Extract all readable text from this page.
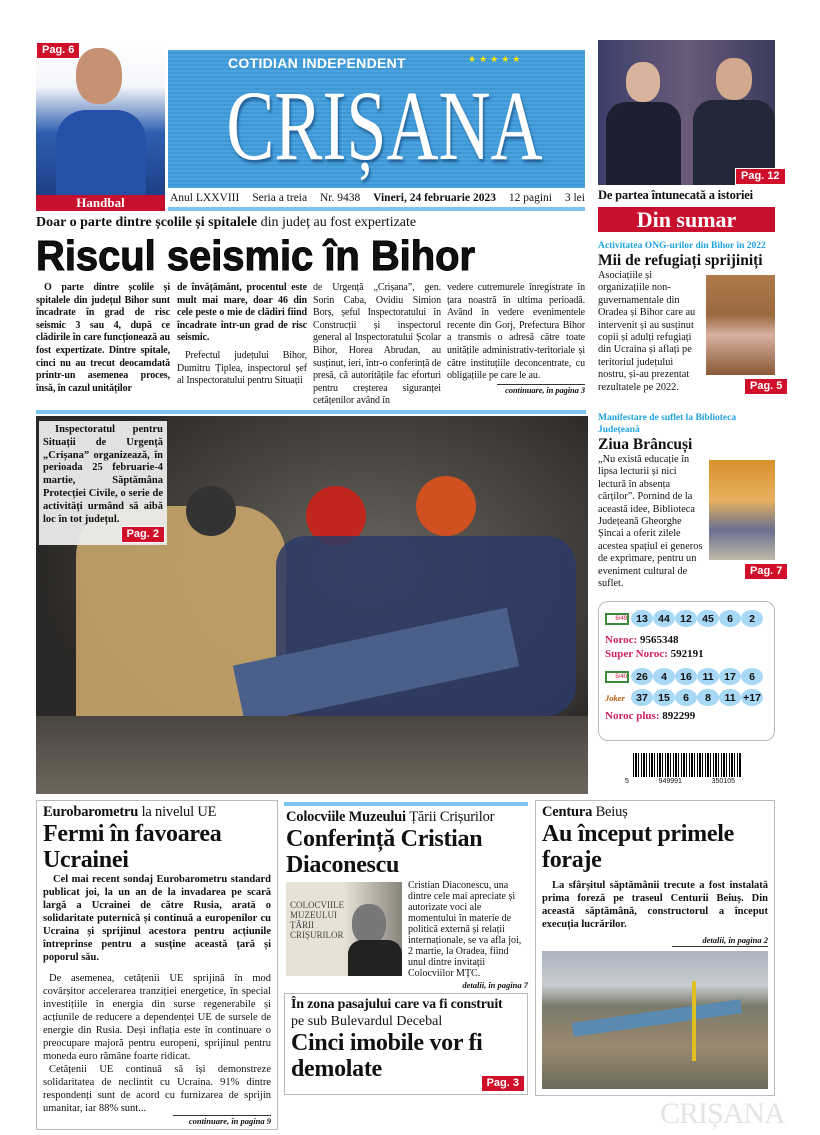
Pag. 6
Handbal
★★★★★
COTIDIAN INDEPENDENT
CRIȘANA
Anul LXXVIII Seria a treia Nr. 9438 Vineri, 24 februarie 2023 12 pagini 3 lei
Pag. 12
De partea întunecată a istoriei
Din sumar
Doar o parte dintre școlile și spitalele din județ au fost expertizate
Riscul seismic în Bihor

O parte dintre școlile și spitalele din județul Bihor sunt încadrate în grad de risc seismic 3 sau 4, după ce clădirile în care funcționează au fost expertizate. Dintre spitale, cinci nu au trecut deocamdată printr-un asemenea proces, însă, în cazul unităților

de învățământ, procentul este mult mai mare, doar 46 din cele peste o mie de clădiri fiind încadrate într-un grad de risc seismic.

Prefectul județului Bihor, Dumitru Țiplea, inspectorul șef al Inspectoratului pentru Situații

de Urgență „Crișana”, gen. Sorin Caba, Ovidiu Simion Borș, șeful Inspectoratului în Construcții și inspectorul general al Inspectoratului Școlar Bihor, Horea Abrudan, au susținut, ieri, într-o conferință de presă, că autoritățile fac eforturi pentru creșterea siguranței cetățenilor având în

vedere cutremurele înregistrate în țara noastră în ultima perioadă. Având în vedere evenimentele recente din Gorj, Prefectura Bihor a transmis o adresă către toate unitățile administrativ-teritoriale și către instituțiile deconcentrate, cu obligațiile pe care le au.

continuare, în pagina 3
Inspectoratul pentru Situații de Urgență „Crișana” organizează, în perioada 25 februarie-4 martie, Săptămâna Protecției Civile, o serie de activități urmând să aibă loc în tot județul.
Pag. 2
Activitatea ONG-urilor din Bihor în 2022
Mii de refugiați sprijiniți
Asociațiile și organizațiile non-guvernamentale din Oradea și Bihor care au intervenit și au susținut copii și adulți refugiați din Ucraina și aflați pe teritoriul județului nostru, și-au prezentat rezultatele pe 2022.	Pag. 5
Manifestare de suflet la Biblioteca Județeană
Ziua Brâncuși
„Nu există educație în lipsa lecturii și nici lectură în absența cărților”. Pornind de la această idee, Biblioteca Județeană Gheorghe Șincai a oferit zilele acestea spațiul ei generos de exprimare, pentru un eveniment cultural de suflet.
Pag. 7
6/49 13 44 12 45	6	2
Noroc: 9565348
Super Noroc: 592191
5/40 26	4	16	11	17	6
Joker	37 15	6	8	11 +17
Noroc plus: 892299
5	949991	350105
Eurobarometru la nivelul UE
Fermi în favoarea Ucrainei

Cel mai recent sondaj Eurobarometru standard publicat joi, la un an de la invadarea pe scară largă a Ucrainei de către Rusia, arată o solidaritate puternică și continuă a europenilor cu Ucraina și sprijinul acestora pentru acțiunile întreprinse pentru a susține această țară și poporul său.

De asemenea, cetățenii UE sprijină în mod covârșitor accelerarea tranziției energetice, în special investițiile în energia din surse regenerabile și acțiunile de reducere a dependenței UE de sursele de energie din Rusia. Deși inflația este în continuare o preocupare majoră pentru europeni, sprijinul pentru moneda euro rămâne foarte ridicat.

Cetățenii UE continuă să își demonstreze solidaritatea de neclintit cu Ucraina. 91% dintre respondenți sunt de acord cu furnizarea de sprijin umanitar, iar 88% sunt...

continuare, în pagina 9
Colocviile Muzeului Țării Crișurilor
Conferință Cristian Diaconescu
COLOCVIILE MUZEULUI ȚĂRII CRIȘURILOR

Cristian Diaconescu, una dintre cele mai apreciate și autorizate voci ale momentului în materie de politică externă și relații internaționale, se va afla joi, 2 martie, la Oradea, fiind unul dintre invitații Colocviilor MȚC.

detalii, în pagina 7
În zona pasajului care va fi construit
pe sub Bulevardul Decebal
Cinci imobile vor fi demolate
Pag. 3
Centura Beiuș
Au început primele foraje

La sfârșitul săptămânii trecute a fost instalată prima foreză pe traseul Centurii Beiuș. Din această săptămână, constructorul a început execuția lucrărilor.

detalii, în pagina 2
CRIȘANA
